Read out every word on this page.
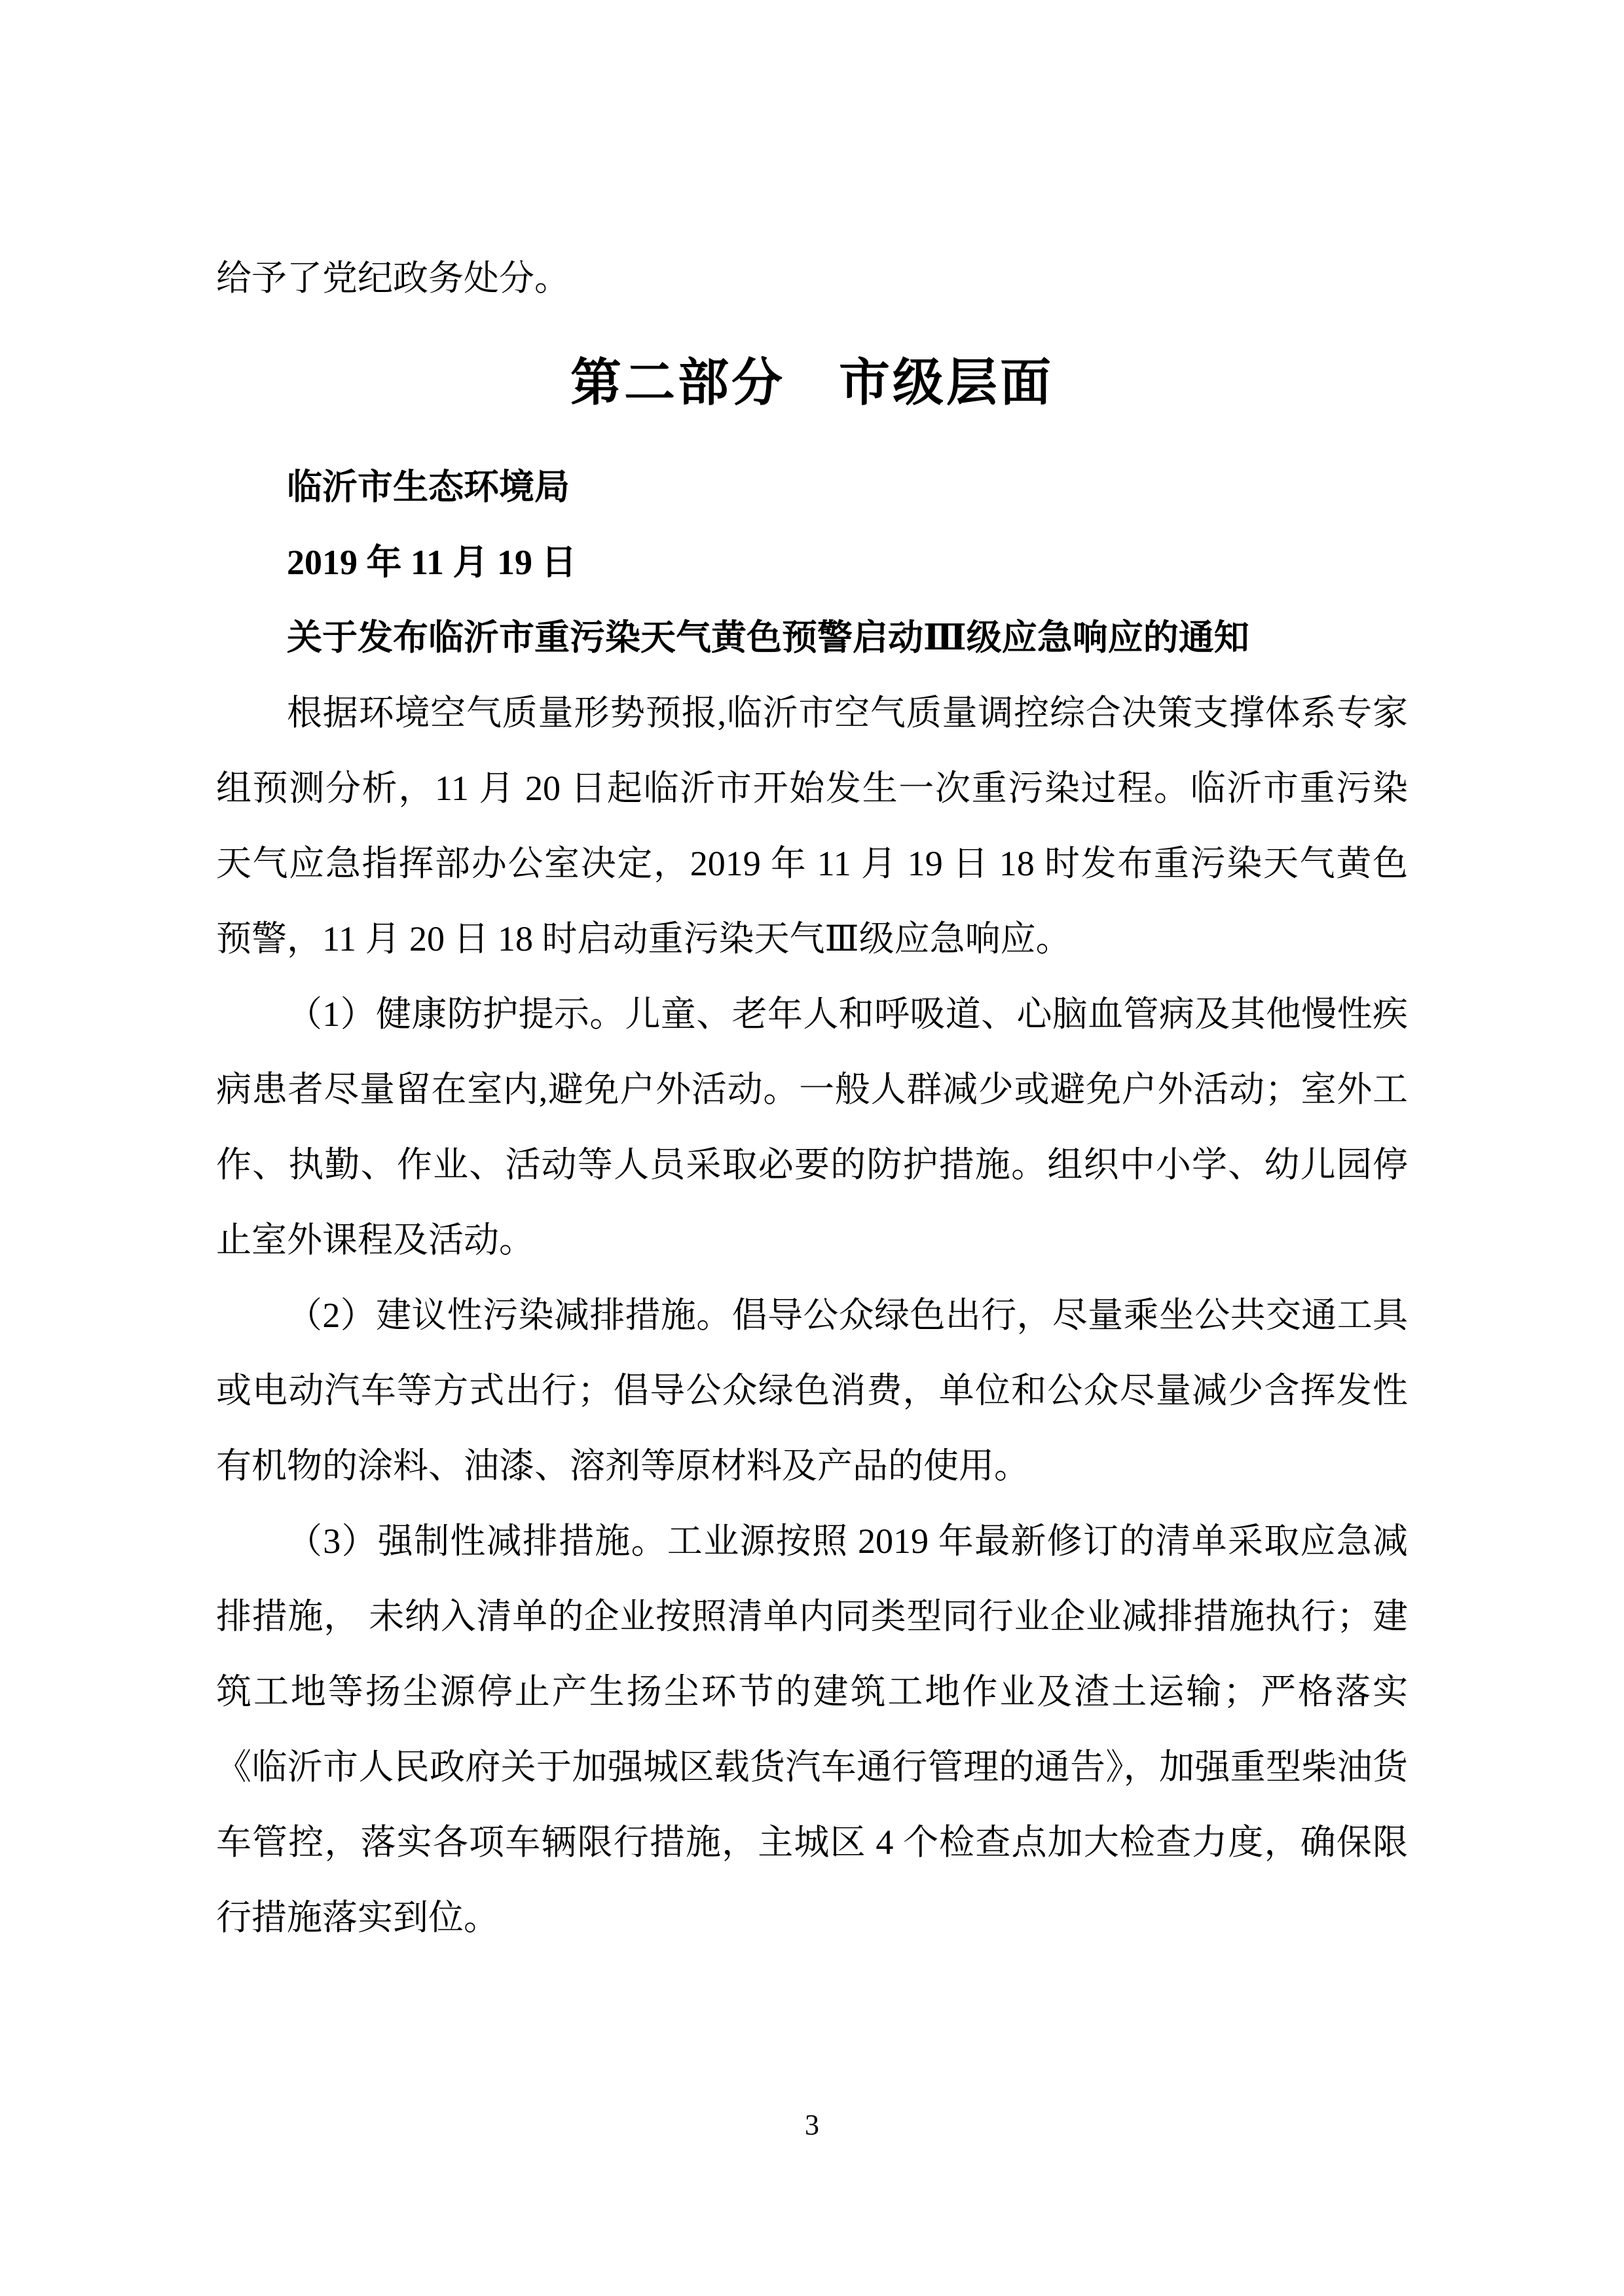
给予了党纪政务处分。

第二部分　市级层面

临沂市生态环境局

2019 年 11 月 19 日

关于发布临沂市重污染天气黄色预警启动Ⅲ级应急响应的通知

根据环境空气质量形势预报,临沂市空气质量调控综合决策支撑体系专家组预测分析，11 月 20 日起临沂市开始发生一次重污染过程。临沂市重污染天气应急指挥部办公室决定，2019 年 11 月 19 日 18 时发布重污染天气黄色预警，11 月 20 日 18 时启动重污染天气Ⅲ级应急响应。

（1）健康防护提示。儿童、老年人和呼吸道、心脑血管病及其他慢性疾病患者尽量留在室内,避免户外活动。一般人群减少或避免户外活动；室外工作、执勤、作业、活动等人员采取必要的防护措施。组织中小学、幼儿园停止室外课程及活动。

（2）建议性污染减排措施。倡导公众绿色出行，尽量乘坐公共交通工具或电动汽车等方式出行；倡导公众绿色消费，单位和公众尽量减少含挥发性有机物的涂料、油漆、溶剂等原材料及产品的使用。

（3）强制性减排措施。工业源按照 2019 年最新修订的清单采取应急减排措施， 未纳入清单的企业按照清单内同类型同行业企业减排措施执行；建筑工地等扬尘源停止产生扬尘环节的建筑工地作业及渣土运输；严格落实《临沂市人民政府关于加强城区载货汽车通行管理的通告》，加强重型柴油货车管控，落实各项车辆限行措施，主城区 4 个检查点加大检查力度，确保限行措施落实到位。

3
